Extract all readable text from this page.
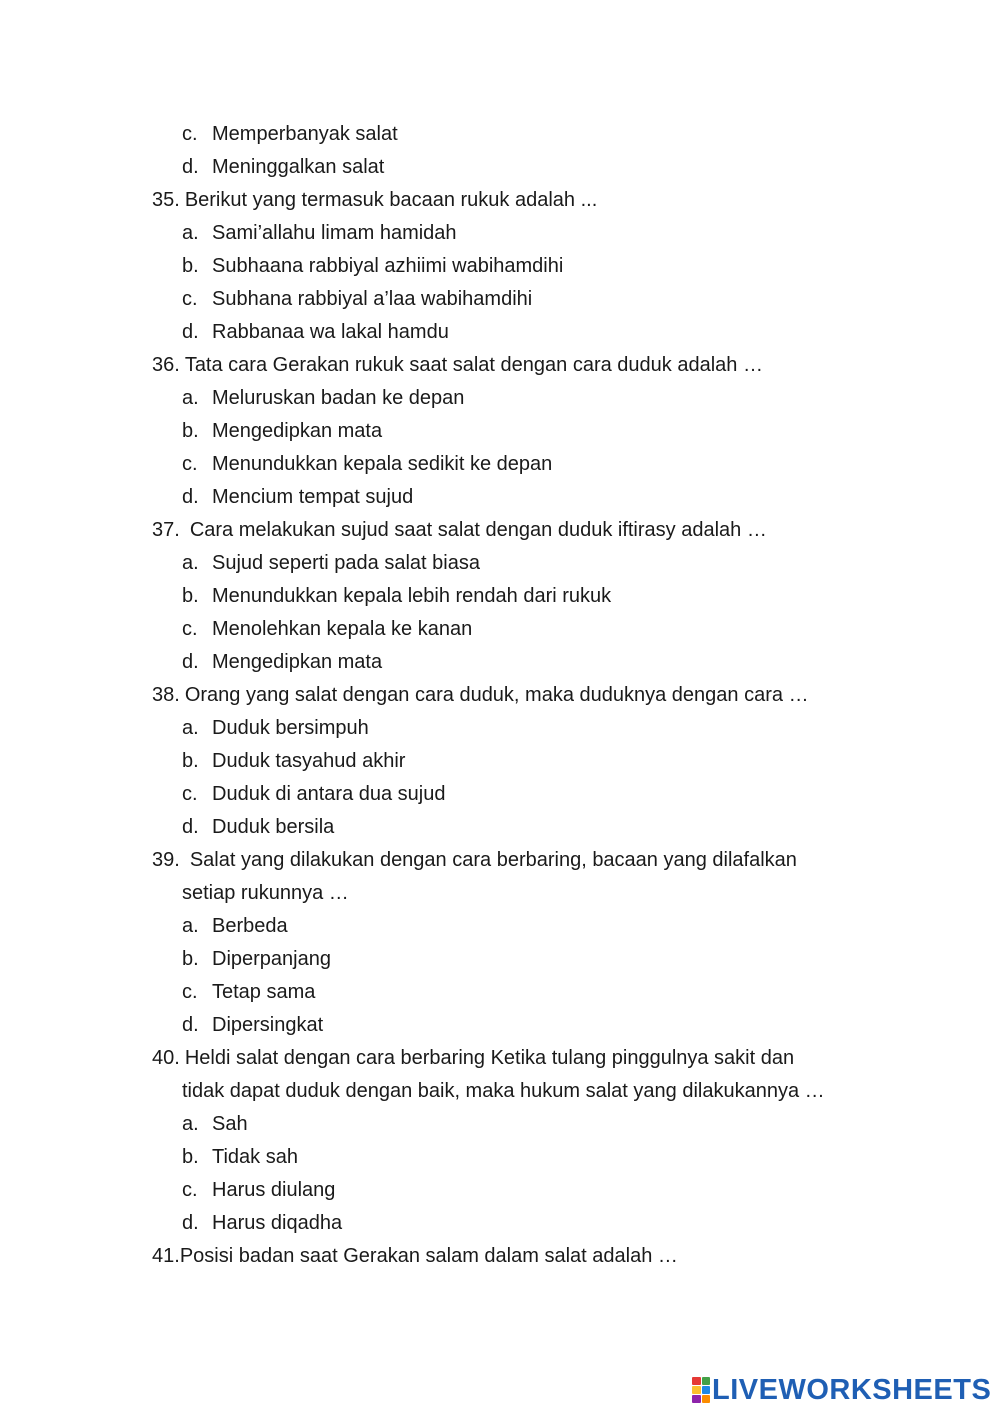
c. Memperbanyak salat
d. Meninggalkan salat
35. Berikut yang termasuk bacaan rukuk adalah ...
a. Sami’allahu limam hamidah
b. Subhaana rabbiyal azhiimi wabihamdihi
c. Subhana rabbiyal a’laa wabihamdihi
d. Rabbanaa wa lakal hamdu
36. Tata cara Gerakan rukuk saat salat dengan cara duduk adalah …
a. Meluruskan badan ke depan
b. Mengedipkan mata
c. Menundukkan kepala sedikit ke depan
d. Mencium tempat sujud
37. Cara melakukan sujud saat salat dengan duduk iftirasy adalah …
a. Sujud seperti pada salat biasa
b. Menundukkan kepala lebih rendah dari rukuk
c. Menolehkan kepala ke kanan
d. Mengedipkan mata
38. Orang yang salat dengan cara duduk, maka duduknya dengan cara …
a. Duduk bersimpuh
b. Duduk tasyahud akhir
c. Duduk di antara dua sujud
d. Duduk bersila
39. Salat yang dilakukan dengan cara berbaring, bacaan yang dilafalkan
setiap rukunnya …
a. Berbeda
b. Diperpanjang
c. Tetap sama
d. Dipersingkat
40. Heldi salat dengan cara berbaring Ketika tulang pinggulnya sakit dan
tidak dapat duduk dengan baik, maka hukum salat yang dilakukannya …
a. Sah
b. Tidak sah
c. Harus diulang
d. Harus diqadha
41.Posisi badan saat Gerakan salam dalam salat adalah …
LIVEWORKSHEETS
